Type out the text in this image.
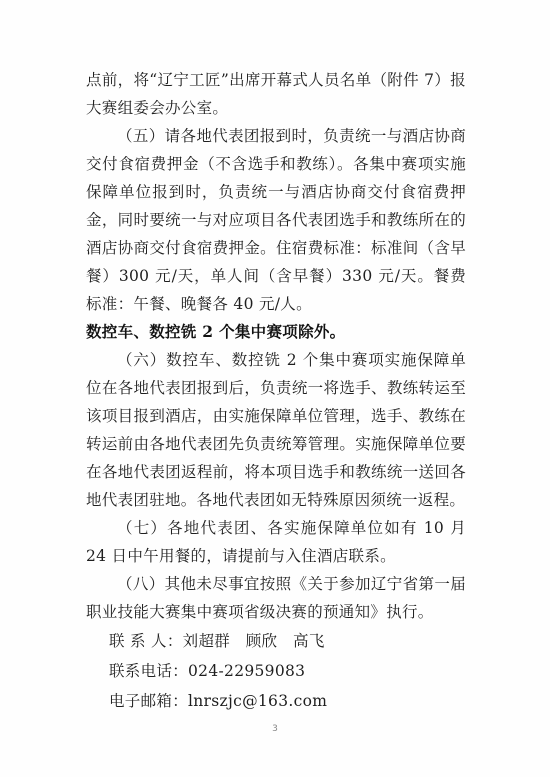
点前，将“辽宁工匠”出席开幕式人员名单（附件 7）报大赛组委会办公室。

（五）请各地代表团报到时，负责统一与酒店协商交付食宿费押金（不含选手和教练）。各集中赛项实施保障单位报到时，负责统一与酒店协商交付食宿费押金，同时要统一与对应项目各代表团选手和教练所在的酒店协商交付食宿费押金。住宿费标准：标准间（含早餐）300 元/天，单人间（含早餐）330 元/天。餐费标准：午餐、晚餐各 40 元/人。

数控车、数控铣 2 个集中赛项除外。

（六）数控车、数控铣 2 个集中赛项实施保障单位在各地代表团报到后，负责统一将选手、教练转运至该项目报到酒店，由实施保障单位管理，选手、教练在转运前由各地代表团先负责统筹管理。实施保障单位要在各地代表团返程前，将本项目选手和教练统一送回各地代表团驻地。各地代表团如无特殊原因须统一返程。

（七）各地代表团、各实施保障单位如有 10 月 24 日中午用餐的，请提前与入住酒店联系。

（八）其他未尽事宜按照《关于参加辽宁省第一届职业技能大赛集中赛项省级决赛的预通知》执行。

联 系 人：刘超群   顾欣   高飞

联系电话：024-22959083

电子邮箱：lnrszjc@163.com

3
